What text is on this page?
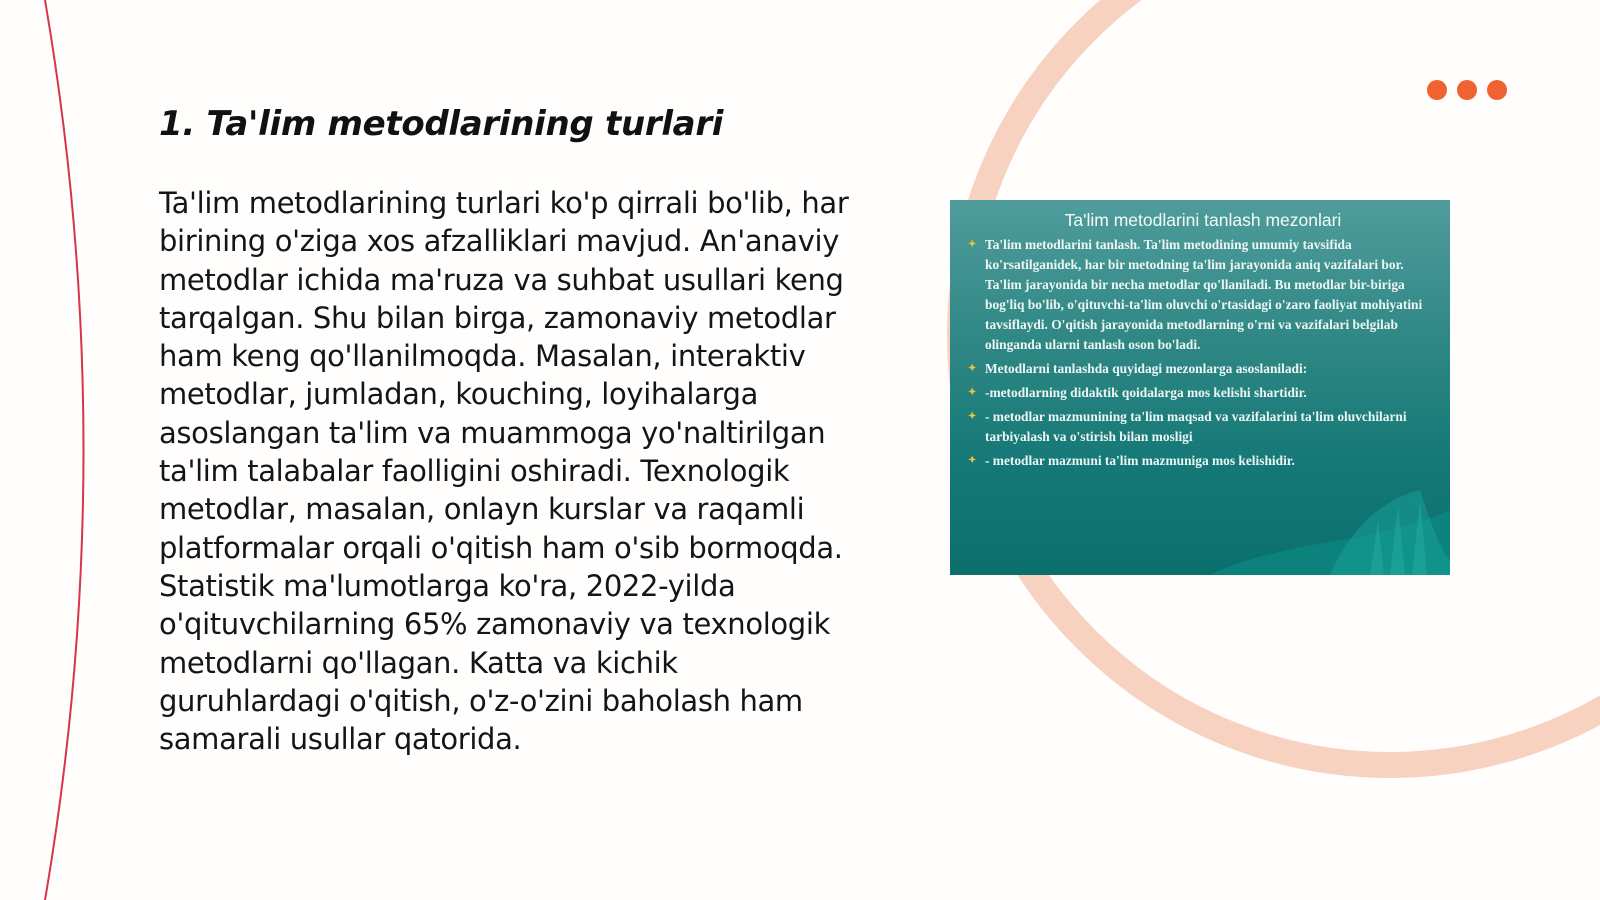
1. Ta'lim metodlarining turlari

Ta'lim metodlarining turlari ko'p qirrali bo'lib, har birining o'ziga xos afzalliklari mavjud. An'anaviy metodlar ichida ma'ruza va suhbat usullari keng tarqalgan. Shu bilan birga, zamonaviy metodlar ham keng qo'llanilmoqda. Masalan, interaktiv metodlar, jumladan, kouching, loyihalarga asoslangan ta'lim va muammoga yo'naltirilgan ta'lim talabalar faolligini oshiradi. Texnologik metodlar, masalan, onlayn kurslar va raqamli platformalar orqali o'qitish ham o'sib bormoqda. Statistik ma'lumotlarga ko'ra, 2022-yilda o'qituvchilarning 65% zamonaviy va texnologik metodlarni qo'llagan. Katta va kichik guruhlardagi o'qitish, o'z-o'zini baholash ham samarali usullar qatorida.

Ta'lim metodlarini tanlash mezonlari
✦ Ta'lim metodlarini tanlash. Ta'lim metodining umumiy tavsifida ko'rsatilganidek, har bir metodning ta'lim jarayonida aniq vazifalari bor. Ta'lim jarayonida bir necha metodlar qo'llaniladi. Bu metodlar bir-biriga bog'liq bo'lib, o'qituvchi-ta'lim oluvchi o'rtasidagi o'zaro faoliyat mohiyatini tavsiflaydi. O'qitish jarayonida metodlarning o'rni va vazifalari belgilab olinganda ularni tanlash oson bo'ladi.
✦ Metodlarni tanlashda quyidagi mezonlarga asoslaniladi:
✦ -metodlarning didaktik qoidalarga mos kelishi shartidir.
✦ - metodlar mazmunining ta'lim maqsad va vazifalarini ta'lim oluvchilarni tarbiyalash va o'stirish bilan mosligi
✦ - metodlar mazmuni ta'lim mazmuniga mos kelishidir.
